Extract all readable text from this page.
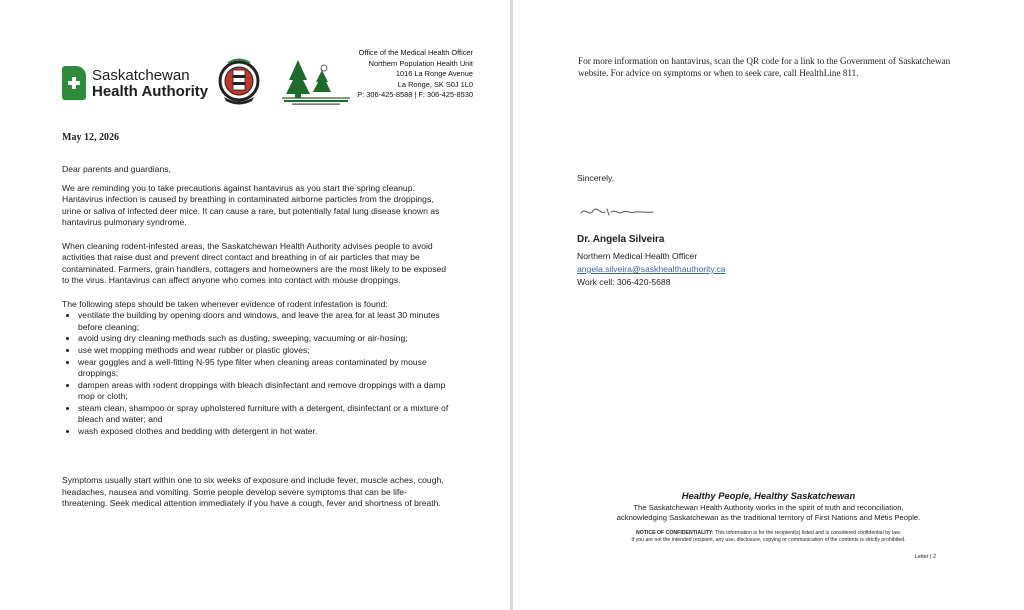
Saskatchewan
Health Authority
Office of the Medical Health Officer
Northern Population Health Unit
1016 La Ronge Avenue
La Ronge, SK S0J 1L0
P: 306-425-8588 | F: 306-425-8530
May 12, 2026

Dear parents and guardians,

We are reminding you to take precautions against hantavirus as you start the spring cleanup. Hantavirus infection is caused by breathing in contaminated airborne particles from the droppings, urine or saliva of infected deer mice. It can cause a rare, but potentially fatal lung disease known as hantavirus pulmonary syndrome.

When cleaning rodent-infested areas, the Saskatchewan Health Authority advises people to avoid activities that raise dust and prevent direct contact and breathing in of air particles that may be contaminated. Farmers, grain handlers, cottagers and homeowners are the most likely to be exposed to the virus. Hantavirus can affect anyone who comes into contact with mouse droppings.

The following steps should be taken whenever evidence of rodent infestation is found:

• ventilate the building by opening doors and windows, and leave the area for at least 30 minutes before cleaning;
• avoid using dry cleaning methods such as dusting, sweeping, vacuuming or air-hosing;
• use wet mopping methods and wear rubber or plastic gloves;
• wear goggles and a well-fitting N-95 type filter when cleaning areas contaminated by mouse droppings;
• dampen areas with rodent droppings with bleach disinfectant and remove droppings with a damp mop or cloth;
• steam clean, shampoo or spray upholstered furniture with a detergent, disinfectant or a mixture of bleach and water; and
• wash exposed clothes and bedding with detergent in hot water.

Symptoms usually start within one to six weeks of exposure and include fever, muscle aches, cough, headaches, nausea and vomiting. Some people develop severe symptoms that can be life-threatening. Seek medical attention immediately if you have a cough, fever and shortness of breath.

For more information on hantavirus, scan the QR code for a link to the Government of Saskatchewan website. For advice on symptoms or when to seek care, call HealthLine 811.

Sincerely,

Dr. Angela Silveira

Northern Medical Health Officer

angela.silveira@saskhealthauthority.ca

Work cell: 306-420-5688

Healthy People, Healthy Saskatchewan

The Saskatchewan Health Authority works in the spirit of truth and reconciliation,
acknowledging Saskatchewan as the traditional territory of First Nations and Métis People.

NOTICE OF CONFIDENTIALITY: This information is for the recipient(s) listed and is considered confidential by law.
If you are not the intended recipient, any use, disclosure, copying or communication of the contents is strictly prohibited.

Letter | 2
